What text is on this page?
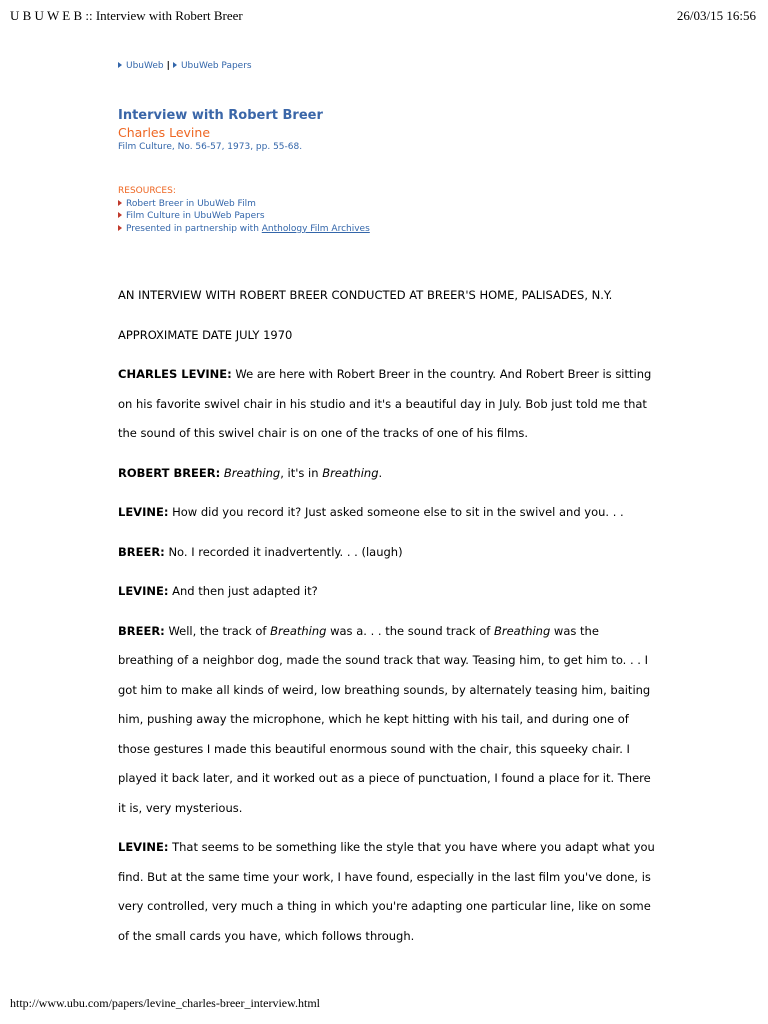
U B U W E B :: Interview with Robert Breer	26/03/15 16:56
UbuWeb | UbuWeb Papers
Interview with Robert Breer
Charles Levine
Film Culture, No. 56-57, 1973, pp. 55-68.
RESOURCES:
Robert Breer in UbuWeb Film
Film Culture in UbuWeb Papers
Presented in partnership with Anthology Film Archives

AN INTERVIEW WITH ROBERT BREER CONDUCTED AT BREER'S HOME, PALISADES, N.Y.

APPROXIMATE DATE JULY 1970

CHARLES LEVINE: We are here with Robert Breer in the country. And Robert Breer is sitting on his favorite swivel chair in his studio and it's a beautiful day in July. Bob just told me that the sound of this swivel chair is on one of the tracks of one of his films.

ROBERT BREER: Breathing, it's in Breathing.

LEVINE: How did you record it? Just asked someone else to sit in the swivel and you. . .

BREER: No. I recorded it inadvertently. . . (laugh)

LEVINE: And then just adapted it?

BREER: Well, the track of Breathing was a. . . the sound track of Breathing was the breathing of a neighbor dog, made the sound track that way. Teasing him, to get him to. . . I got him to make all kinds of weird, low breathing sounds, by alternately teasing him, baiting him, pushing away the microphone, which he kept hitting with his tail, and during one of those gestures I made this beautiful enormous sound with the chair, this squeeky chair. I played it back later, and it worked out as a piece of punctuation, I found a place for it. There it is, very mysterious.

LEVINE: That seems to be something like the style that you have where you adapt what you find. But at the same time your work, I have found, especially in the last film you've done, is very controlled, very much a thing in which you're adapting one particular line, like on some of the small cards you have, which follows through.

http://www.ubu.com/papers/levine_charles-breer_interview.html
